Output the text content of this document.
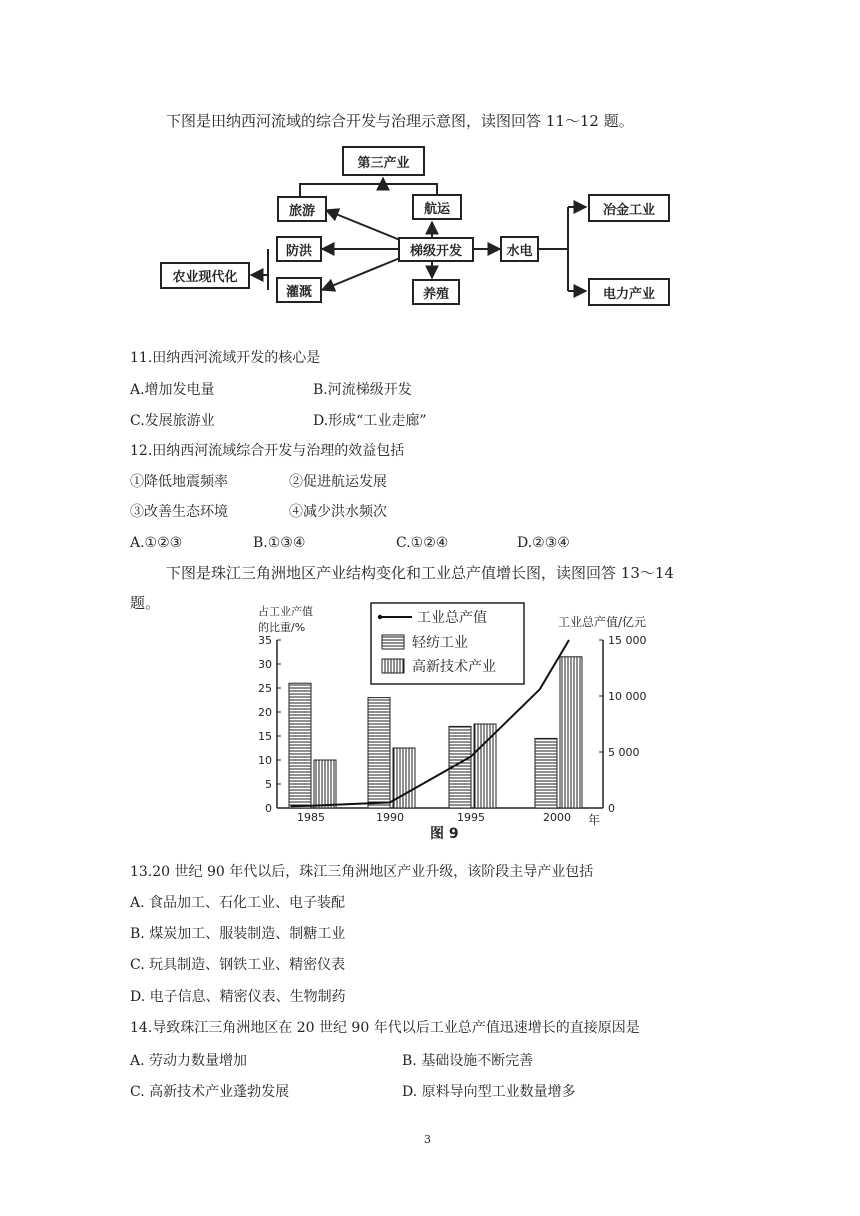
下图是田纳西河流域的综合开发与治理示意图，读图回答 11～12 题。
第三产业
旅游	航运
防洪	梯级开发	水电
冶金工业
电力产业
农业现代化
灌溉	养殖
11.田纳西河流域开发的核心是
A.增加发电量	B.河流梯级开发
C.发展旅游业	D.形成“工业走廊”
12.田纳西河流域综合开发与治理的效益包括
①降低地震频率	②促进航运发展
③改善生态环境	④减少洪水频次
A.①②③	B.①③④	C.①②④	D.②③④
下图是珠江三角洲地区产业结构变化和工业总产值增长图，读图回答 13～14
题。	占工业产值
的比重/%	工业总产值/亿元
年
图 9
0
5
10
15
20
25
30
35
0
5 000
10 000
15 000
1985	1990	1995	2000
工业总产值
轻纺工业
高新技术产业
13.20 世纪 90 年代以后，珠江三角洲地区产业升级，该阶段主导产业包括
A. 食品加工、石化工业、电子装配
B. 煤炭加工、服装制造、制糖工业
C. 玩具制造、钢铁工业、精密仪表
D. 电子信息、精密仪表、生物制药
14.导致珠江三角洲地区在 20 世纪 90 年代以后工业总产值迅速增长的直接原因是
A. 劳动力数量增加	B. 基础设施不断完善
C. 高新技术产业蓬勃发展	D. 原料导向型工业数量增多
3
